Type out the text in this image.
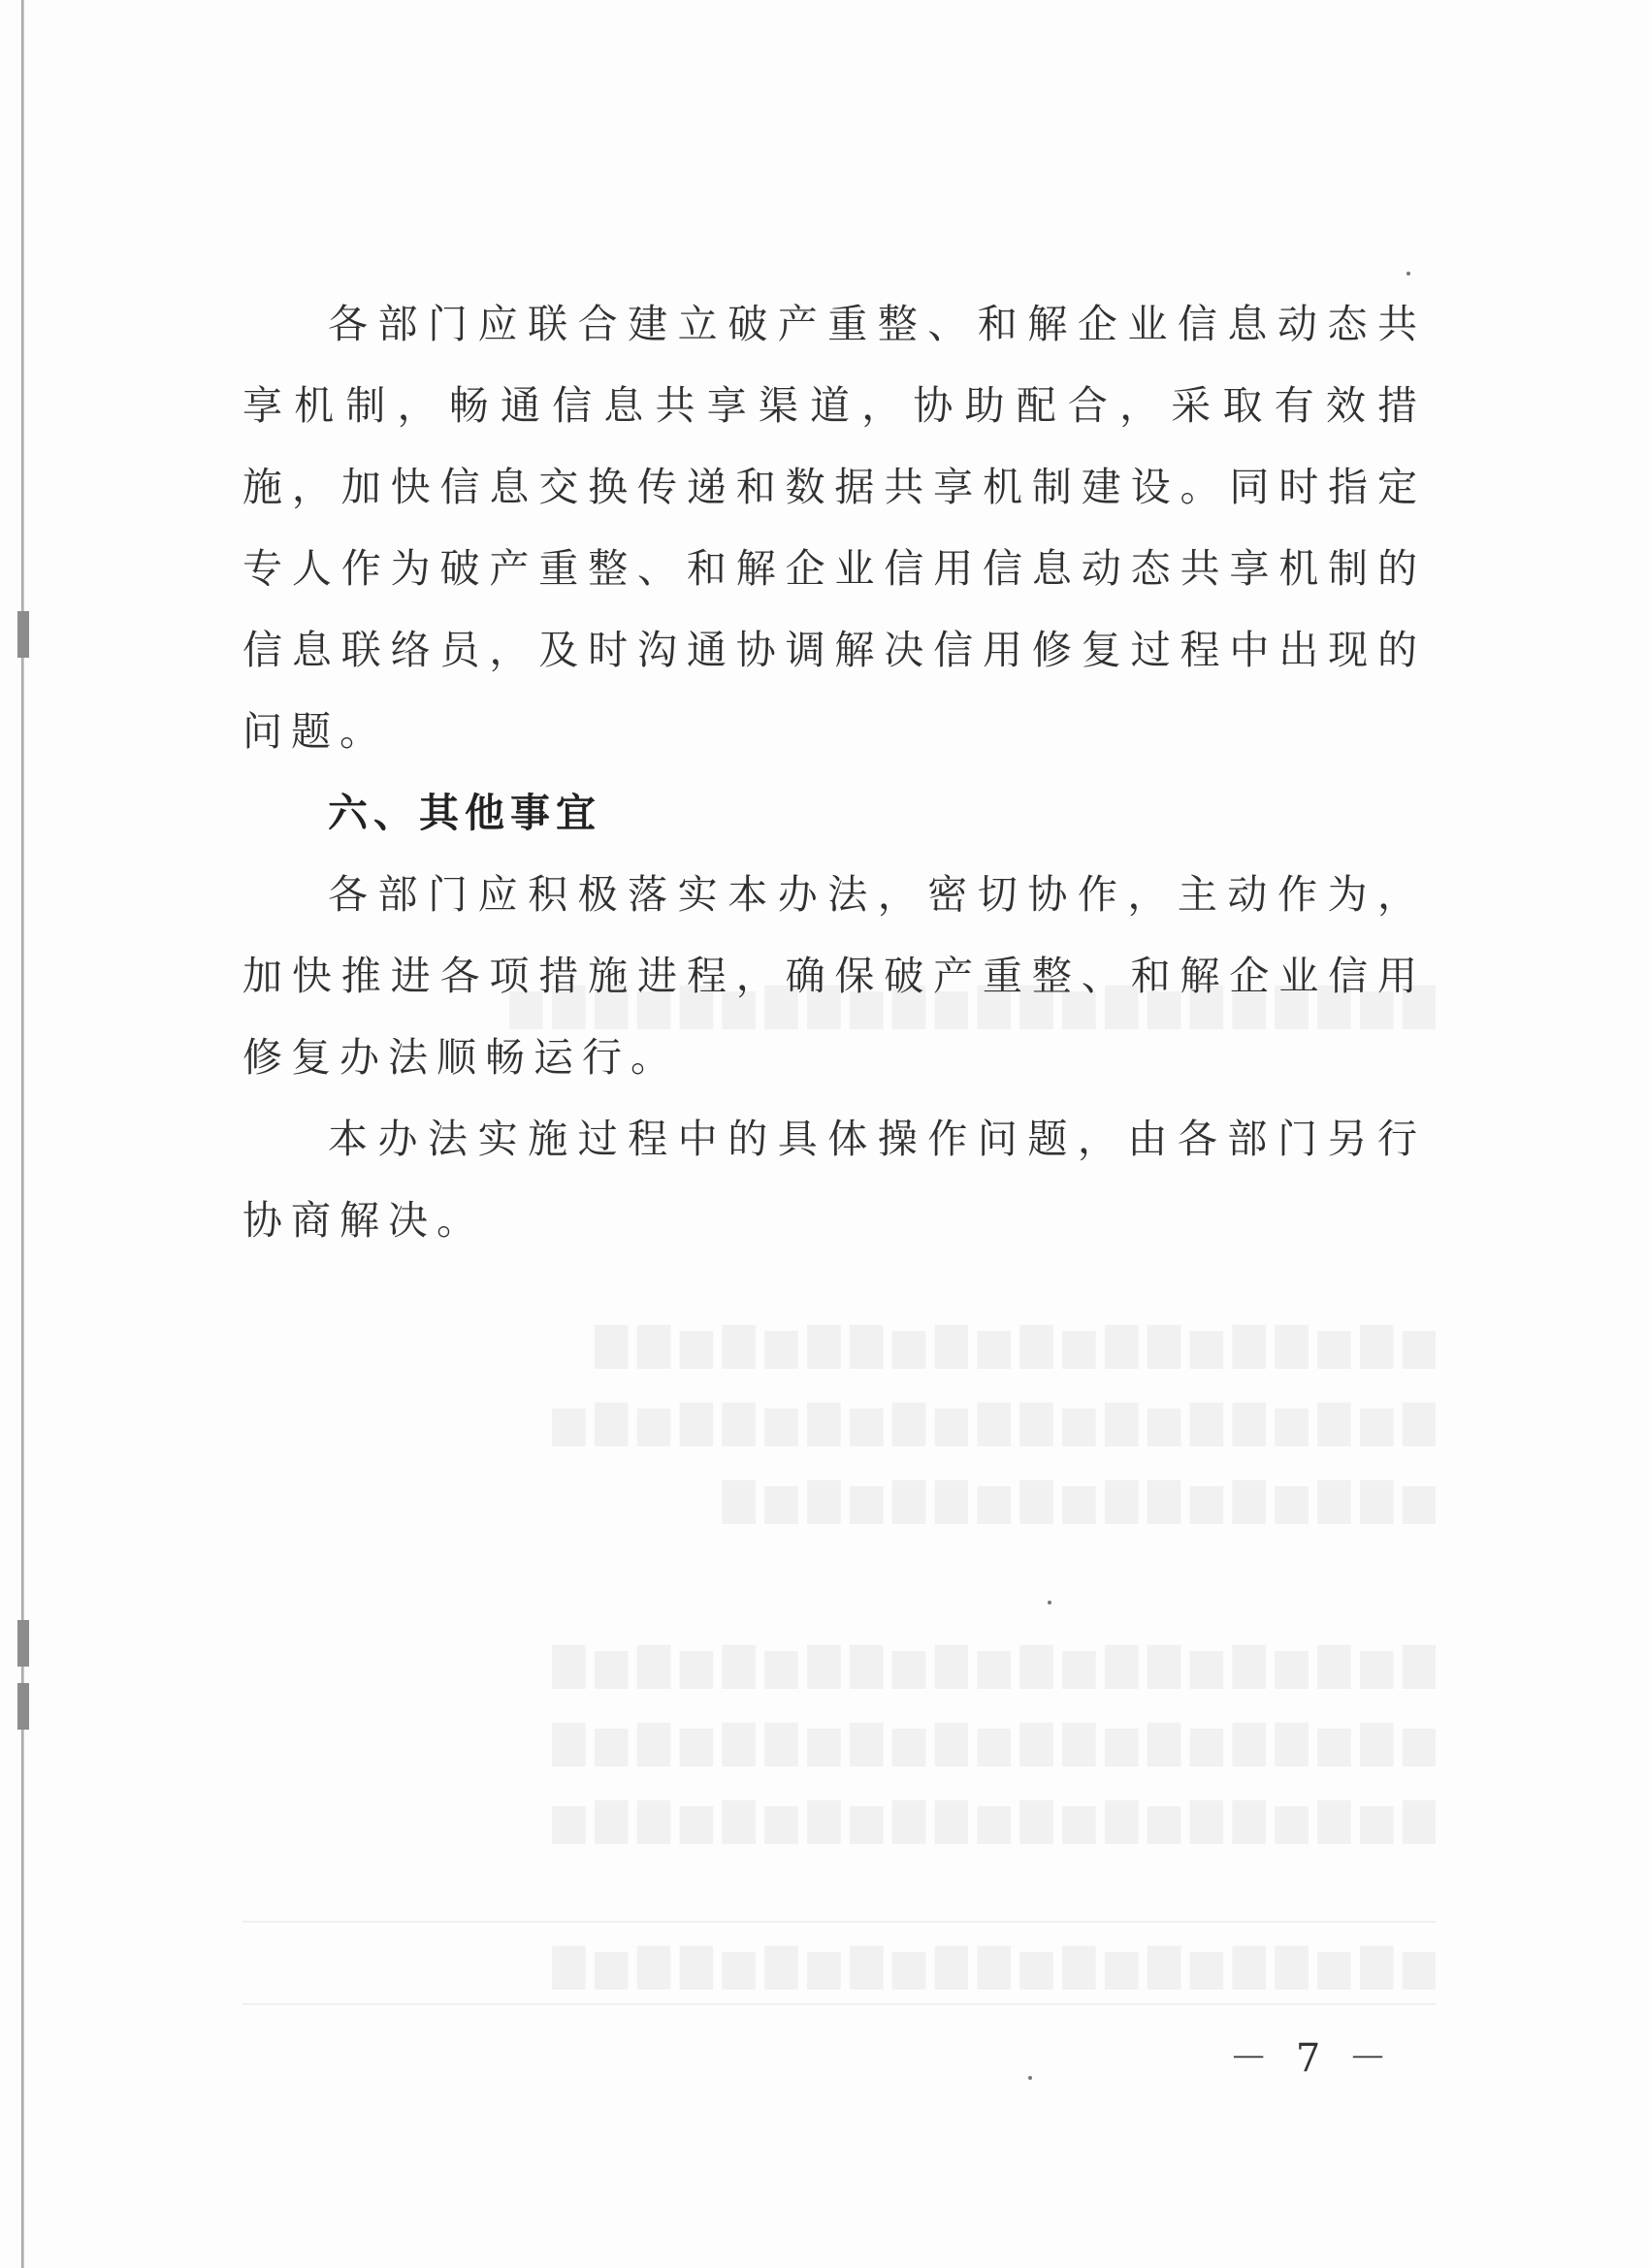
各部门应联合建立破产重整、和解企业信息动态共享机制，畅通信息共享渠道，协助配合，采取有效措施，加快信息交换传递和数据共享机制建设。同时指定专人作为破产重整、和解企业信用信息动态共享机制的信息联络员，及时沟通协调解决信用修复过程中出现的问题。

六、其他事宜

各部门应积极落实本办法，密切协作，主动作为，加快推进各项措施进程，确保破产重整、和解企业信用修复办法顺畅运行。

本办法实施过程中的具体操作问题，由各部门另行协商解决。

－ 7 －
